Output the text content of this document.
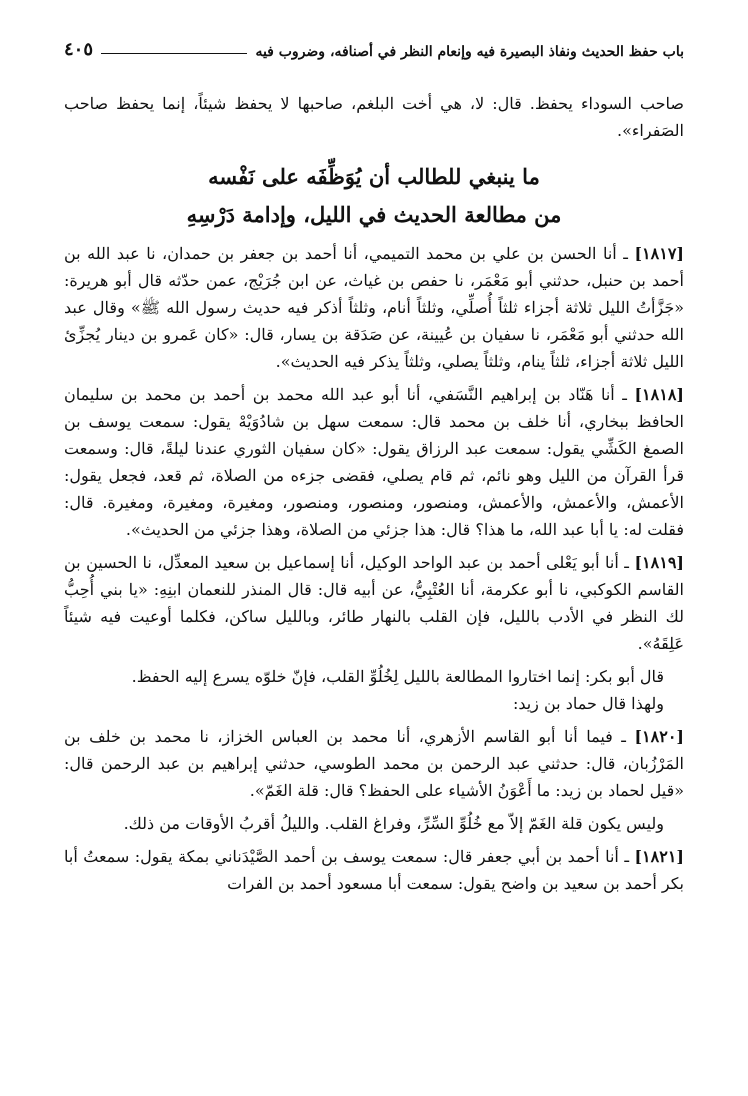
باب حفظ الحديث ونفاذ البصيرة فيه وإنعام النظر في أصنافه، وضروب فيه
٤٠٥

صاحب السوداء يحفظ. قال: لا، هي أخت البلغم، صاحبها لا يحفظ شيئاً، إنما يحفظ صاحب الصَفراء».

ما ينبغي للطالب أن يُوَظِّفَه على نَفْسه
من مطالعة الحديث في الليل، وإدامة دَرْسِهِ

[١٨١٧] ـ أنا الحسن بن علي بن محمد التميمي، أنا أحمد بن جعفر بن حمدان، نا عبد الله بن أحمد بن حنبل، حدثني أبو مَعْمَر، نا حفص بن غياث، عن ابن جُرَيْج، عمن حدّثه قال أبو هريرة: «جَزَّأتُ الليل ثلاثة أجزاء ثلثاً أُصلِّي، وثلثاً أنام، وثلثاً أذكر فيه حديث رسول الله ﷺ» وقال عبد الله حدثني أبو مَعْمَر، نا سفيان بن عُيينة، عن صَدَقة بن يسار، قال: «كان عَمرو بن دينار يُجزِّئ الليل ثلاثة أجزاء، ثلثاً ينام، وثلثاً يصلي، وثلثاً يذكر فيه الحديث».

[١٨١٨] ـ أنا هَنّاد بن إبراهيم النَّسَفي، أنا أبو عبد الله محمد بن أحمد بن محمد بن سليمان الحافظ ببخاري، أنا خلف بن محمد قال: سمعت سهل بن شادُوَيْهْ يقول: سمعت يوسف بن الصمغ الكَشِّي يقول: سمعت عبد الرزاق يقول: «كان سفيان الثوري عندنا ليلةً، قال: وسمعت قرأ القرآن من الليل وهو نائم، ثم قام يصلي، فقضى جزءه من الصلاة، ثم قعد، فجعل يقول: الأعمش، والأعمش، والأعمش، ومنصور، ومنصور، ومنصور، ومغيرة، ومغيرة، ومغيرة. قال: فقلت له: يا أبا عبد الله، ما هذا؟ قال: هذا جزئي من الصلاة، وهذا جزئي من الحديث».

[١٨١٩] ـ أنا أبو يَعْلى أحمد بن عبد الواحد الوكيل، أنا إسماعيل بن سعيد المعدِّل، نا الحسين بن القاسم الكوكبي، نا أبو عكرمة، أنا العُتْبِيُّ، عن أبيه قال: قال المنذر للنعمان ابنِهِ: «يا بني أُحِبُّ لك النظر في الأدب بالليل، فإن القلب بالنهار طائر، وبالليل ساكن، فكلما أوعيت فيه شيئاً عَلِقَهُ».

قال أبو بكر: إنما اختاروا المطالعة بالليل لِخُلُوِّ القلب، فإنّ خلوّه يسرع إليه الحفظ.

ولهذا قال حماد بن زيد:

[١٨٢٠] ـ فيما أنا أبو القاسم الأزهري، أنا محمد بن العباس الخزاز، نا محمد بن خلف بن المَرْزُبان، قال: حدثني عبد الرحمن بن محمد الطوسي، حدثني إبراهيم بن عبد الرحمن قال: «قيل لحماد بن زيد: ما أَعْوَنُ الأشياء على الحفظ؟ قال: قلة الغَمّ».

وليس يكون قلة الغَمّ إلاّ مع خُلُوِّ السِّرِّ، وفراغ القلب. والليلُ أقربُ الأوقات من ذلك.

[١٨٢١] ـ أنا أحمد بن أبي جعفر قال: سمعت يوسف بن أحمد الصَّيْدَناني بمكة يقول: سمعتُ أبا بكر أحمد بن سعيد بن واضح يقول: سمعت أبا مسعود أحمد بن الفرات
